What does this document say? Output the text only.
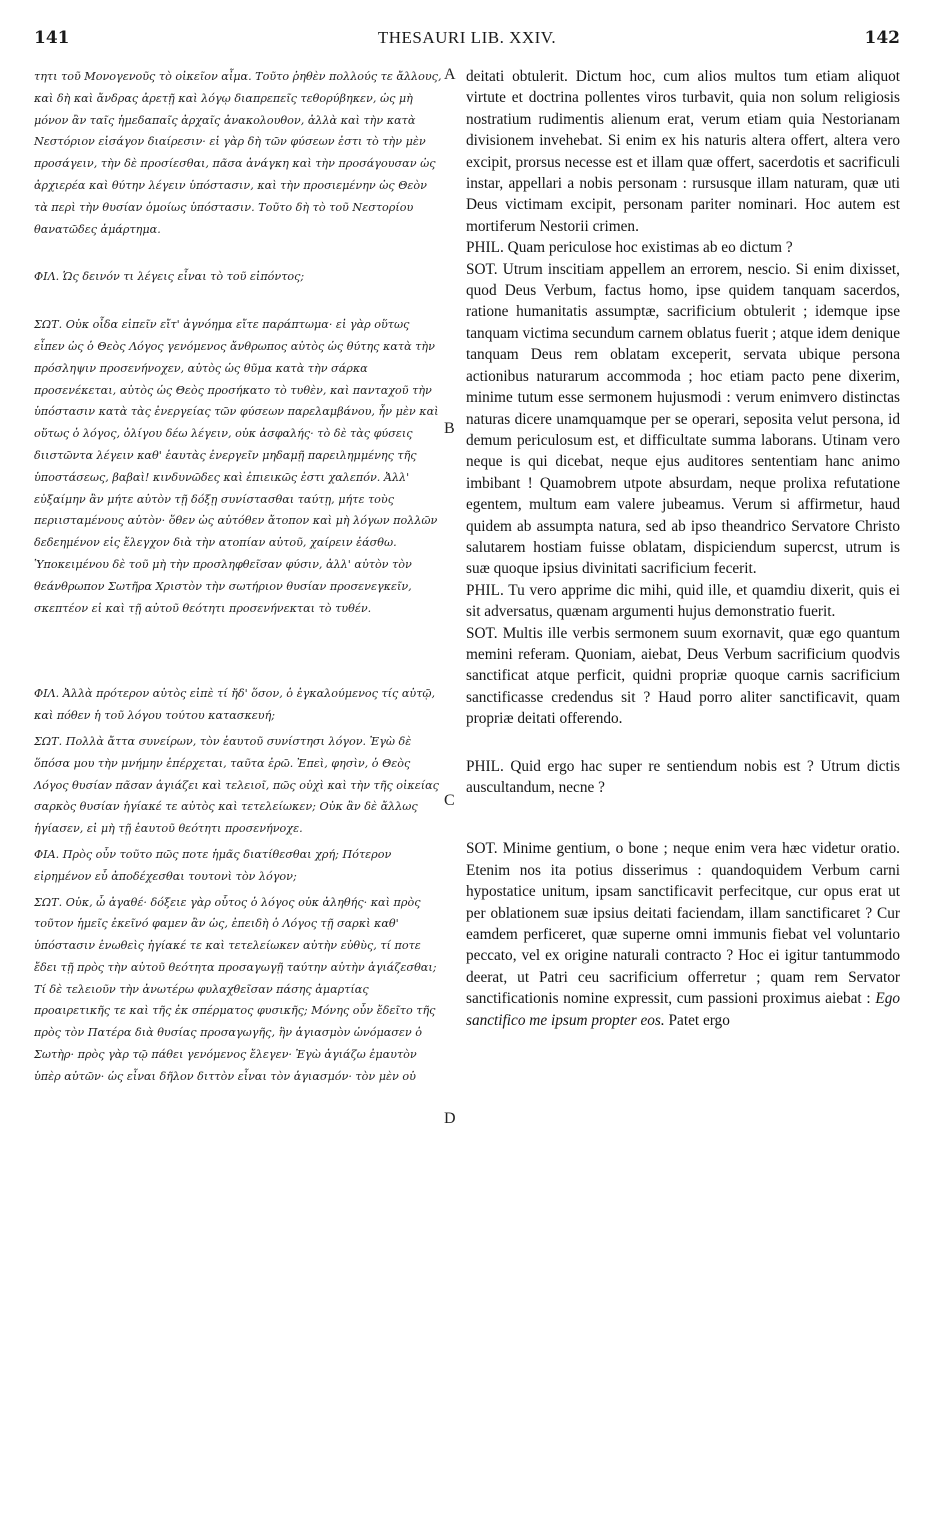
141	THESAURI LIB. XXIV.	142
A
B
C
D

τητι τοῦ Μονογενοῦς τὸ οἰκεῖον αἷμα. Τοῦτο ῥηθὲν πολλούς τε ἄλλους, καὶ δὴ καὶ ἄνδρας ἀρετῇ καὶ λόγῳ διαπρεπεῖς τεθορύβηκεν, ὡς μὴ μόνον ἂν ταῖς ἡμεδαπαῖς ἀρχαῖς ἀνακολουθον, ἀλλὰ καὶ τὴν κατὰ Νεστόριον εἰσάγον διαίρεσιν· εἰ γὰρ δὴ τῶν φύσεων ἐστι τὸ τὴν μὲν προσάγειν, τὴν δὲ προσίεσθαι, πᾶσα ἀνάγκη καὶ τὴν προσάγουσαν ὡς ἀρχιερέα καὶ θύτην λέγειν ὑπόστασιν, καὶ τὴν προσιεμένην ὡς Θεὸν τὰ περὶ τὴν θυσίαν ὁμοίως ὑπόστασιν. Τοῦτο δὴ τὸ τοῦ Νεστορίου θανατῶδες ἁμάρτημα.

ΦΙΛ. Ὡς δεινόν τι λέγεις εἶναι τὸ τοῦ εἰπόντος;

ΣΩΤ. Οὐκ οἶδα εἰπεῖν εἴτ' ἀγνόημα εἴτε παράπτωμα· εἰ γὰρ οὕτως εἶπεν ὡς ὁ Θεὸς Λόγος γενόμενος ἄνθρωπος αὐτὸς ὡς θύτης κατὰ τὴν πρόσληψιν προσενήνοχεν, αὐτὸς ὡς θῦμα κατὰ τὴν σάρκα προσενέκεται, αὐτὸς ὡς Θεὸς προσήκατο τὸ τυθὲν, καὶ πανταχοῦ τὴν ὑπόστασιν κατὰ τὰς ἐνεργείας τῶν φύσεων παρελαμβάνου, ἦν μὲν καὶ οὕτως ὁ λόγος, ὀλίγου δέω λέγειν, οὐκ ἀσφαλής· τὸ δὲ τὰς φύσεις διιστῶντα λέγειν καθ' ἑαυτὰς ἐνεργεῖν μηδαμῇ παρειλημμένης τῆς ὑποστάσεως, βαβαὶ! κινδυνῶδες καὶ ἐπιεικῶς ἐστι χαλεπόν. Ἀλλ' εὐξαίμην ἂν μήτε αὐτὸν τῇ δόξῃ συνίστασθαι ταύτῃ, μήτε τοὺς περιισταμένους αὐτὸν· ὅθεν ὡς αὐτόθεν ἄτοπον καὶ μὴ λόγων πολλῶν δεδεημένον εἰς ἔλεγχον διὰ τὴν ατοπίαν αὐτοῦ, χαίρειν ἐάσθω. Ὑποκειμένου δὲ τοῦ μὴ τὴν προσληφθεῖσαν φύσιν, ἀλλ' αὐτὸν τὸν θεάνθρωπον Σωτῆρα Χριστὸν τὴν σωτήριον θυσίαν προσενεγκεῖν, σκεπτέον εἰ καὶ τῇ αὐτοῦ θεότητι προσενήνεκται τὸ τυθέν.

ΦΙΛ. Ἀλλὰ πρότερον αὐτὸς εἰπὲ τί ἤδ' ὅσον, ὁ ἐγκαλούμενος τίς αὐτῷ, καὶ πόθεν ἡ τοῦ λόγου τούτου κατασκευή;

ΣΩΤ. Πολλὰ ἄττα συνείρων, τὸν ἑαυτοῦ συνίστησι λόγον. Ἐγὼ δὲ ὅπόσα μου τὴν μνήμην ἐπέρχεται, ταῦτα ἐρῶ. Ἐπεὶ, φησὶν, ὁ Θεὸς Λόγος θυσίαν πᾶσαν ἁγιάζει καὶ τελειοῖ, πῶς οὐχὶ καὶ τὴν τῆς οἰκείας σαρκὸς θυσίαν ἡγίακέ τε αὐτὸς καὶ τετελείωκεν; Οὐκ ἂν δὲ ἄλλως ἡγίασεν, εἰ μὴ τῇ ἑαυτοῦ θεότητι προσενήνοχε.

ΦΙΑ. Πρὸς οὖν τοῦτο πῶς ποτε ἡμᾶς διατίθεσθαι χρή; Πότερον εἰρημένον εὖ ἀποδέχεσθαι τουτονὶ τὸν λόγον;

ΣΩΤ. Οὐκ, ὦ ἀγαθέ· δόξειε γὰρ οὗτος ὁ λόγος οὐκ ἀληθής· καὶ πρὸς τοῦτον ἡμεῖς ἐκεῖνό φαμεν ἂν ὡς, ἐπειδὴ ὁ Λόγος τῇ σαρκὶ καθ' ὑπόστασιν ἑνωθεὶς ἡγίακέ τε καὶ τετελείωκεν αὐτὴν εὐθὺς, τί ποτε ἔδει τῇ πρὸς τὴν αὐτοῦ θεότητα προσαγωγῇ ταύτην αὐτὴν ἁγιάζεσθαι; Τί δὲ τελειοῦν τὴν ἀνωτέρω φυλαχθεῖσαν πάσης ἁμαρτίας προαιρετικῆς τε καὶ τῆς ἐκ σπέρματος φυσικῆς; Μόνης οὖν ἔδεῖτο τῆς πρὸς τὸν Πατέρα διὰ θυσίας προσαγωγῆς, ἣν ἁγιασμὸν ὠνόμασεν ὁ Σωτὴρ· πρὸς γὰρ τῷ πάθει γενόμενος ἔλεγεν· Ἐγὼ ἁγιάζω ἐμαυτὸν ὑπὲρ αὐτῶν· ὡς εἶναι δῆλον διττὸν εἶναι τὸν ἁγιασμόν· τὸν μὲν οὐ

deitati obtulerit. Dictum hoc, cum alios multos tum etiam aliquot virtute et doctrina pollentes viros turbavit, quia non solum religiosis nostratium rudimentis alienum erat, verum etiam quia Nestorianam divisionem invehebat. Si enim ex his naturis altera offert, altera vero excipit, prorsus necesse est et illam quæ offert, sacerdotis et sacrificuli instar, appellari a nobis personam : rursusque illam naturam, quæ uti Deus victimam excipit, personam pariter nominari. Hoc autem est mortiferum Nestorii crimen.

PHIL. Quam periculose hoc existimas ab eo dictum ?

SOT. Utrum inscitiam appellem an errorem, nescio. Si enim dixisset, quod Deus Verbum, factus homo, ipse quidem tanquam sacerdos, ratione humanitatis assumptæ, sacrificium obtulerit ; idemque ipse tanquam victima secundum carnem oblatus fuerit ; atque idem denique tanquam Deus rem oblatam exceperit, servata ubique persona actionibus naturarum accommoda ; hoc etiam pacto pene dixerim, minime tutum esse sermonem hujusmodi : verum enimvero distinctas naturas dicere unamquamque per se operari, seposita velut persona, id demum periculosum est, et difficultate summa laborans. Utinam vero neque is qui dicebat, neque ejus auditores sententiam hanc animo imbibant ! Quamobrem utpote absurdam, neque prolixa refutatione egentem, multum eam valere jubeamus. Verum si affirmetur, haud quidem ab assumpta natura, sed ab ipso theandrico Servatore Christo salutarem hostiam fuisse oblatam, dispiciendum supercst, utrum is suæ quoque ipsius divinitati sacrificium fecerit.

PHIL. Tu vero apprime dic mihi, quid ille, et quamdiu dixerit, quis ei sit adversatus, quænam argumenti hujus demonstratio fuerit.

SOT. Multis ille verbis sermonem suum exornavit, quæ ego quantum memini referam. Quoniam, aiebat, Deus Verbum sacrificium quodvis sanctificat atque perficit, quidni propriæ quoque carnis sacrificium sanctificasse credendus sit ? Haud porro aliter sanctificavit, quam propriæ deitati offerendo.

PHIL. Quid ergo hac super re sentiendum nobis est ? Utrum dictis auscultandum, necne ?

SOT. Minime gentium, o bone ; neque enim vera hæc videtur oratio. Etenim nos ita potius disserimus : quandoquidem Verbum carni hypostatice unitum, ipsam sanctificavit perfecitque, cur opus erat ut per oblationem suæ ipsius deitati faciendam, illam sanctificaret ? Cur eamdem perficeret, quæ superne omni immunis fiebat vel voluntario peccato, vel ex origine naturali contracto ? Hoc ei igitur tantummodo deerat, ut Patri ceu sacrificium offerretur ; quam rem Servator sanctificationis nomine expressit, cum passioni proximus aiebat : Ego sanctifico me ipsum propter eos. Patet ergo
